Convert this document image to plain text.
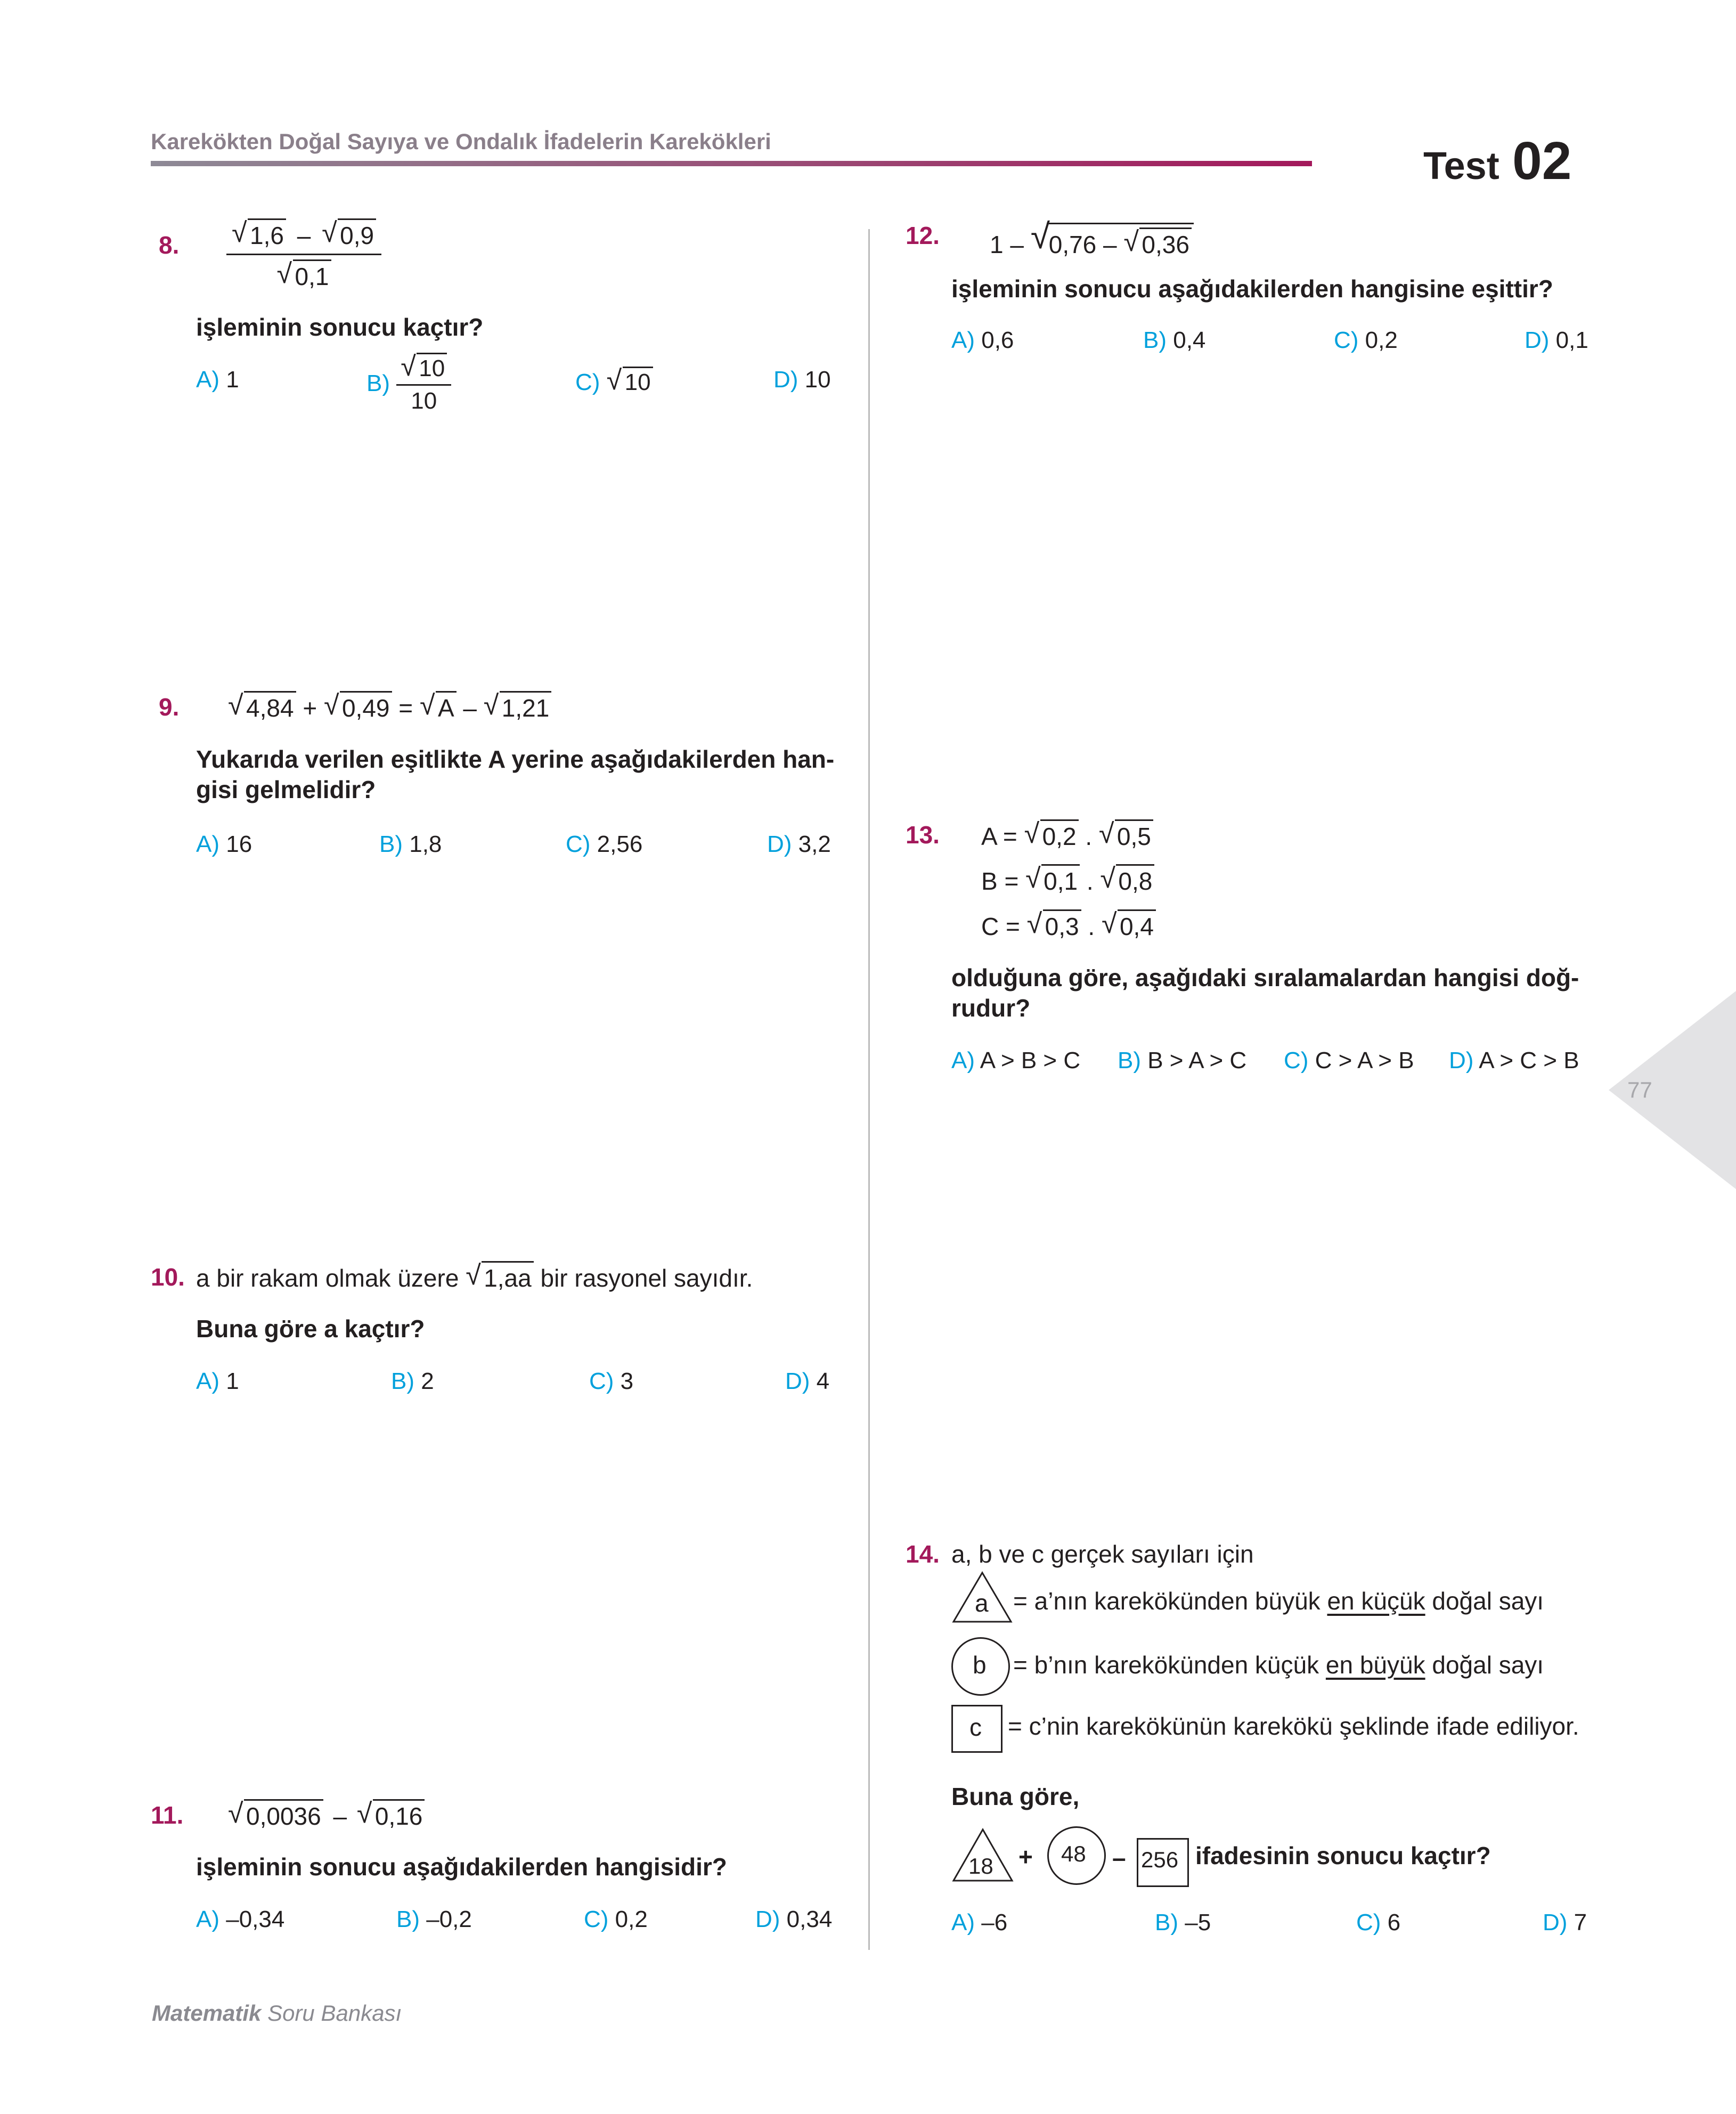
Karekökten Doğal Sayıya ve Ondalık İfadelerin Karekökleri
Test 02
8. √ 1,6 – √ 0,9
√ 0,1
işleminin sonucu kaçtır?
A) 1	$B) \frac{√ 10}{10}$	C) √ 10	D) 10
9. √ 4,84 + √ 0,49 = √ A – √ 1,21
Yukarıda verilen eşitlikte A yerine aşağıdakilerden han-
gisi gelmelidir?
A) 16	B) 1,8	C) 2,56	D) 3,2
10. a bir rakam olmak üzere √ 1,aa bir rasyonel sayıdır.
Buna göre a kaçtır?
A) 1	B) 2	C) 3	D) 4
11. √ 0,0036 – √ 0,16
işleminin sonucu aşağıdakilerden hangisidir?
A) –0,34	B) –0,2	C) 0,2	D) 0,34
12. 1 – √
0,76 – √ 0,36
işleminin sonucu aşağıdakilerden hangisine eşittir?
A) 0,6	B) 0,4	C) 0,2	D) 0,1
13. A = √ 0,2 . √ 0,5
B = √ 0,1 . √ 0,8
C = √ 0,3 . √ 0,4
olduğuna göre, aşağıdaki sıralamalardan hangisi doğ-
rudur?
A) A > B > C B) B > A > C C) C > A > B D) A > C > B
14. a, b ve c gerçek sayıları için
a = a’nın karekökünden büyük en küçük doğal sayı
b = b’nın karekökünden küçük en büyük doğal sayı
c = c’nin karekökünün karekökü şeklinde ifade ediliyor.
Buna göre,
18 + 48 – 256 ifadesinin sonucu kaçtır?
A) –6	B) –5	C) 6	D) 7
77
Matematik Soru Bankası
